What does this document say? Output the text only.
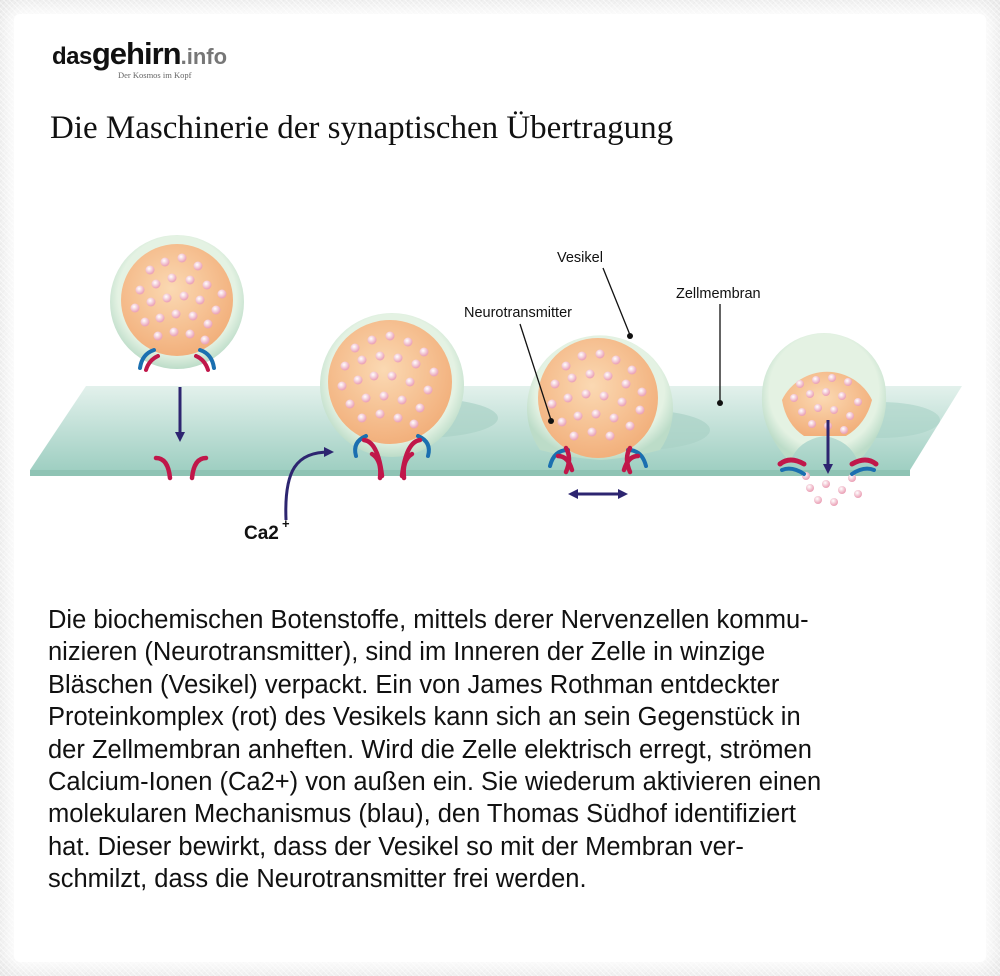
dasgehirn.info
Der Kosmos im Kopf
Die Maschinerie der synaptischen Übertragung
Ca2 +
Vesikel
Neurotransmitter
Zellmembran
Die biochemischen Botenstoffe, mittels derer Nervenzellen kommu-
nizieren (Neurotransmitter), sind im Inneren der Zelle in winzige
Bläschen (Vesikel) verpackt. Ein von James Rothman entdeckter
Proteinkomplex (rot) des Vesikels kann sich an sein Gegenstück in
der Zellmembran anheften. Wird die Zelle elektrisch erregt, strömen
Calcium-Ionen (Ca2+) von außen ein. Sie wiederum aktivieren einen
molekularen Mechanismus (blau), den Thomas Südhof identifiziert
hat. Dieser bewirkt, dass der Vesikel so mit der Membran ver-
schmilzt, dass die Neurotransmitter frei werden.
